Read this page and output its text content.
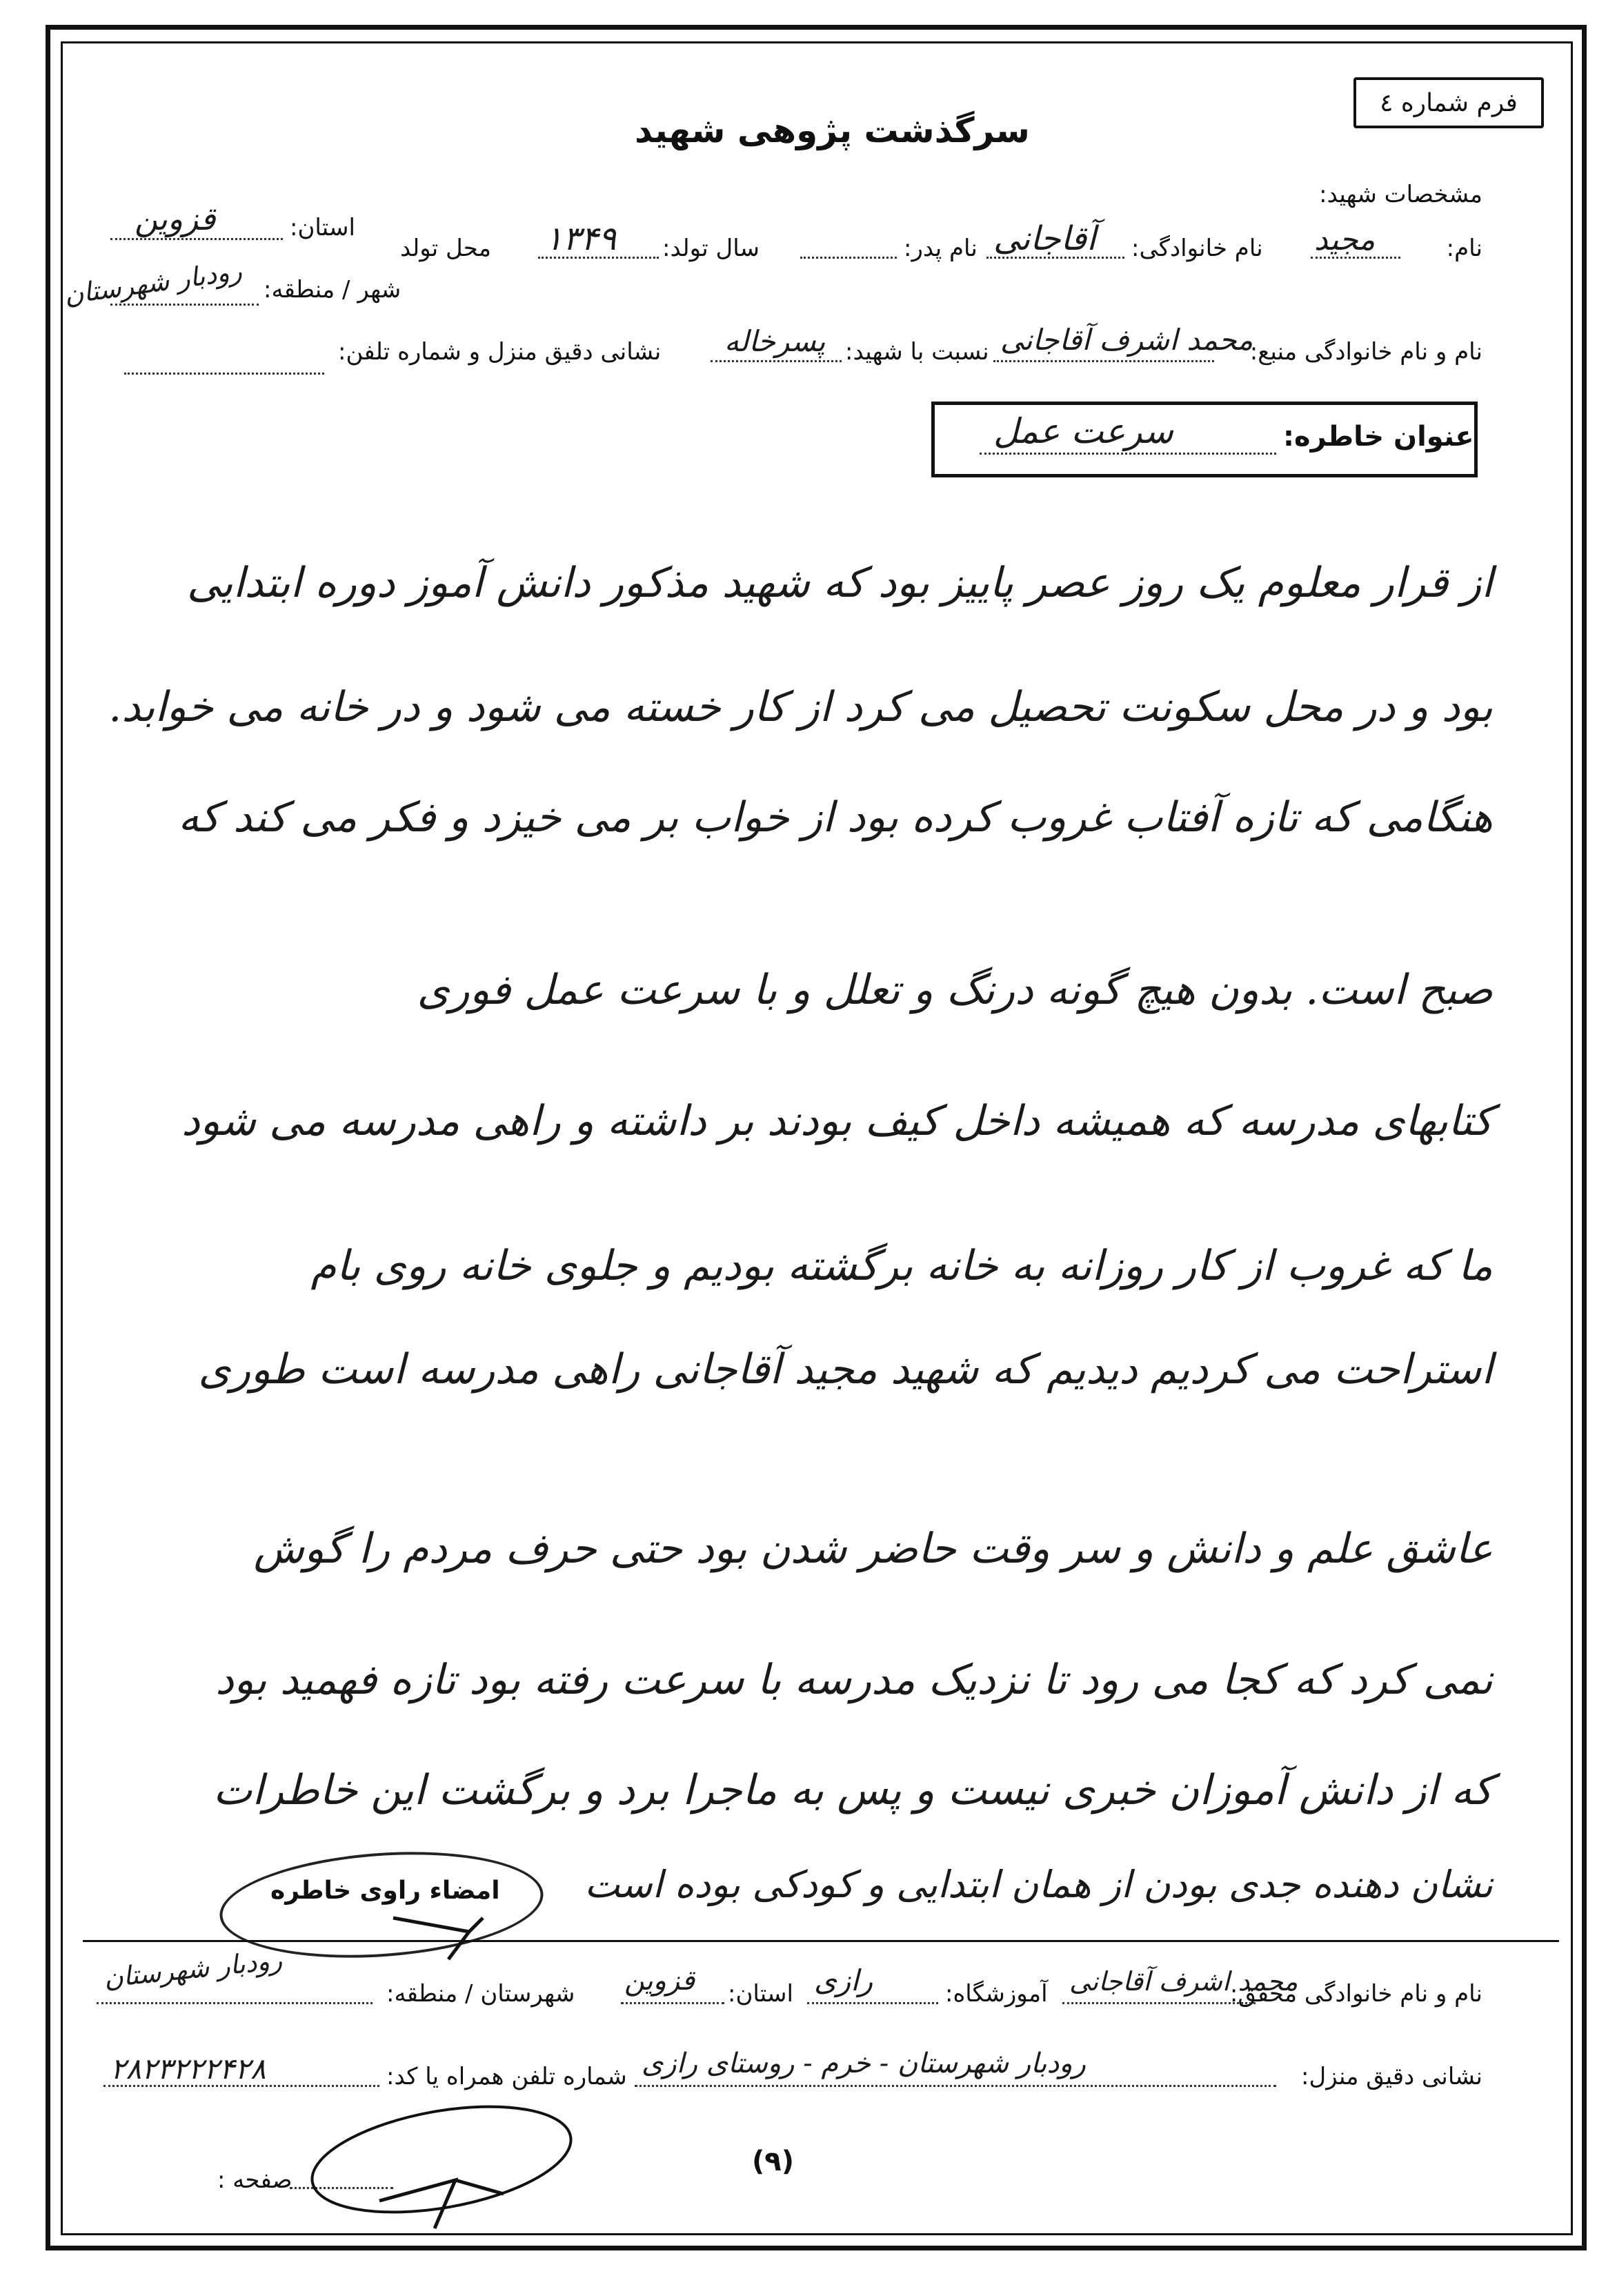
فرم شماره ٤
سرگذشت پژوهی شهید
مشخصات شهید:
نام:
مجید
نام خانوادگی:
آقاجانی
نام پدر:
سال تولد:
۱۳۴۹
محل تولد
استان:
قزوین
شهر / منطقه:
رودبار شهرستان
نام و نام خانوادگی منبع:
محمد اشرف آقاجانی
نسبت با شهید:
پسرخاله
نشانی دقیق منزل و شماره تلفن:
عنوان خاطره:
سرعت عمل
از قرار معلوم یک روز عصر پاییز بود که شهید مذکور دانش آموز دوره ابتدایی
بود و در محل سکونت تحصیل می کرد از کار خسته می شود و در خانه می خوابد.
هنگامی که تازه آفتاب غروب کرده بود از خواب بر می خیزد و فکر می کند که
صبح است. بدون هیچ گونه درنگ و تعلل و با سرعت عمل فوری
کتابهای مدرسه که همیشه داخل کیف بودند بر داشته و راهی مدرسه می شود
ما که غروب از کار روزانه به خانه برگشته بودیم و جلوی خانه روی بام
استراحت می کردیم دیدیم که شهید مجید آقاجانی راهی مدرسه است طوری
عاشق علم و دانش و سر وقت حاضر شدن بود حتی حرف مردم را گوش
نمی کرد که کجا می رود تا نزدیک مدرسه با سرعت رفته بود تازه فهمید بود
که از دانش آموزان خبری نیست و پس به ماجرا برد و برگشت این خاطرات
نشان دهنده جدی بودن از همان ابتدایی و کودکی بوده است
امضاء راوی خاطره
نام و نام خانوادگی محقق:
محمد اشرف آقاجانی
آموزشگاه:
رازی
استان:
قزوین
شهرستان / منطقه:
رودبار شهرستان
نشانی دقیق منزل:
رودبار شهرستان - خرم - روستای رازی
شماره تلفن همراه یا کد:
۲۸۲۳۲۲۲۴۲۸
(۹)
صفحه :
